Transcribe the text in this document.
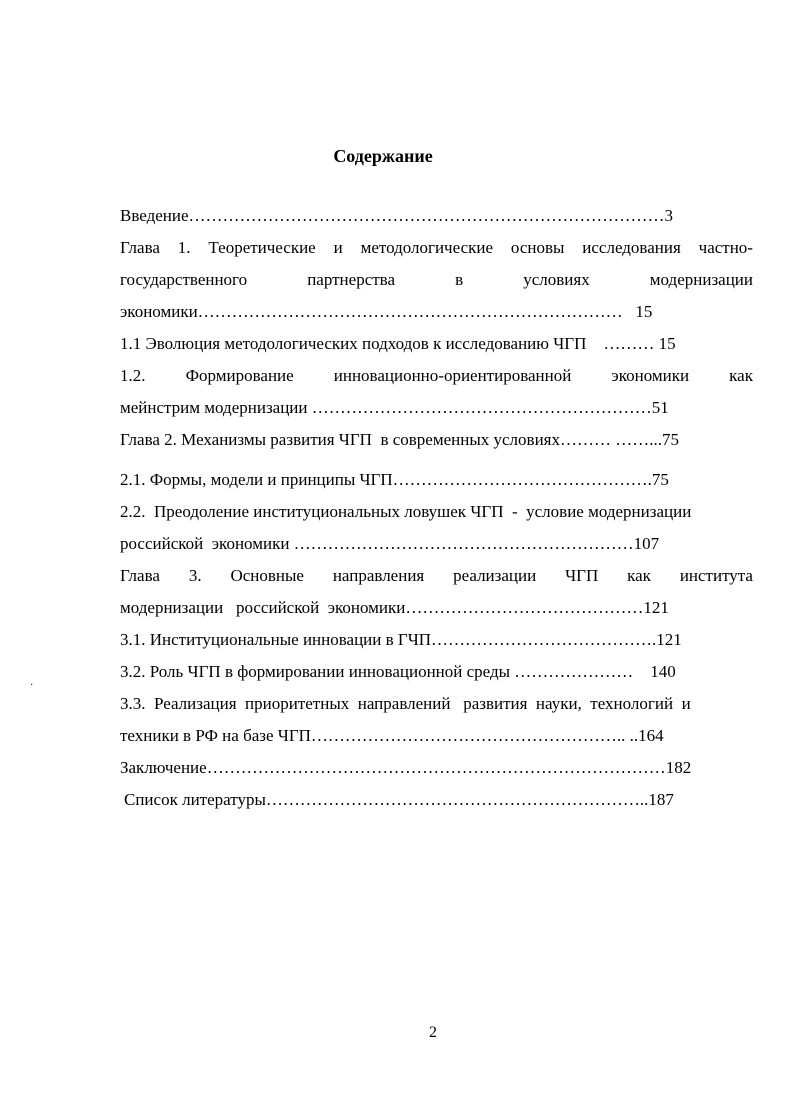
Содержание
Введение…………………………………………………………………………3
Глава 1. Теоретические и методологические основы исследования частно-
государственного	партнерства	в	условиях	модернизации
экономики…………………………………………………………………   15
1.1 Эволюция методологических подходов к исследованию ЧГП    ……… 15
1.2. Формирование инновационно-ориентированной экономики как
мейнстрим модернизации ……………………………………………………51
Глава 2. Механизмы развития ЧГП  в современных условиях……… ……...75
2.1. Формы, модели и принципы ЧГП……………………………………….75
2.2.  Преодоление институциональных ловушек ЧГП  -  условие модернизации
российской  экономики ……………………………………………………107
Глава 3. Основные направления реализации ЧГП как института
модернизации   российской  экономики……………………………………121
3.1. Институциональные инновации в ГЧП………………………………….121
3.2. Роль ЧГП в формировании инновационной среды …………………    140
3.3.  Реализация  приоритетных  направлений   развития  науки,  технологий  и
техники в РФ на базе ЧГП……………………………………………….. ..164
Заключение………………………………………………………………………182
Список литературы…………………………………………………………..187
·
2
